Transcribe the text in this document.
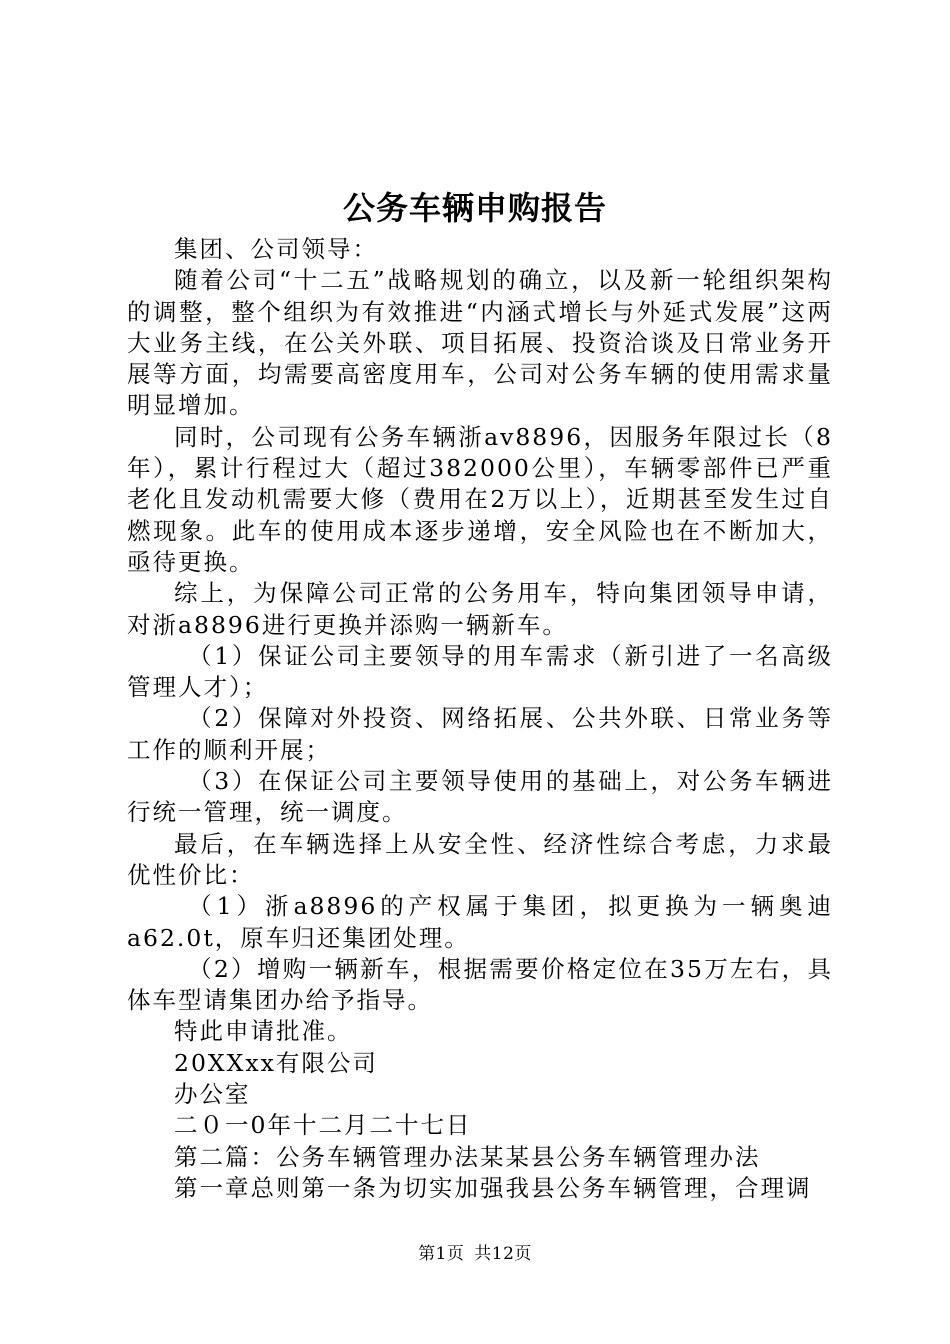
公务车辆申购报告

集团、公司领导：

随着公司“十二五”战略规划的确立，以及新一轮组织架构的调整，整个组织为有效推进“内涵式增长与外延式发展”这两大业务主线，在公关外联、项目拓展、投资洽谈及日常业务开展等方面，均需要高密度用车，公司对公务车辆的使用需求量明显增加。

同时，公司现有公务车辆浙av8896，因服务年限过长（8年），累计行程过大（超过382000公里），车辆零部件已严重老化且发动机需要大修（费用在2万以上），近期甚至发生过自燃现象。此车的使用成本逐步递增，安全风险也在不断加大，亟待更换。

综上，为保障公司正常的公务用车，特向集团领导申请，对浙a8896进行更换并添购一辆新车。

（1）保证公司主要领导的用车需求（新引进了一名高级管理人才）；

（2）保障对外投资、网络拓展、公共外联、日常业务等工作的顺利开展；

（3）在保证公司主要领导使用的基础上，对公务车辆进行统一管理，统一调度。

最后，在车辆选择上从安全性、经济性综合考虑，力求最优性价比：

（1）浙a8896的产权属于集团，拟更换为一辆奥迪a62.0t，原车归还集团处理。

（2）增购一辆新车，根据需要价格定位在35万左右，具体车型请集团办给予指导。

特此申请批准。

20XXxx有限公司

办公室

二０一0年十二月二十七日

第二篇：公务车辆管理办法某某县公务车辆管理办法

第一章总则第一条为切实加强我县公务车辆管理，合理调

第1页 共12页
